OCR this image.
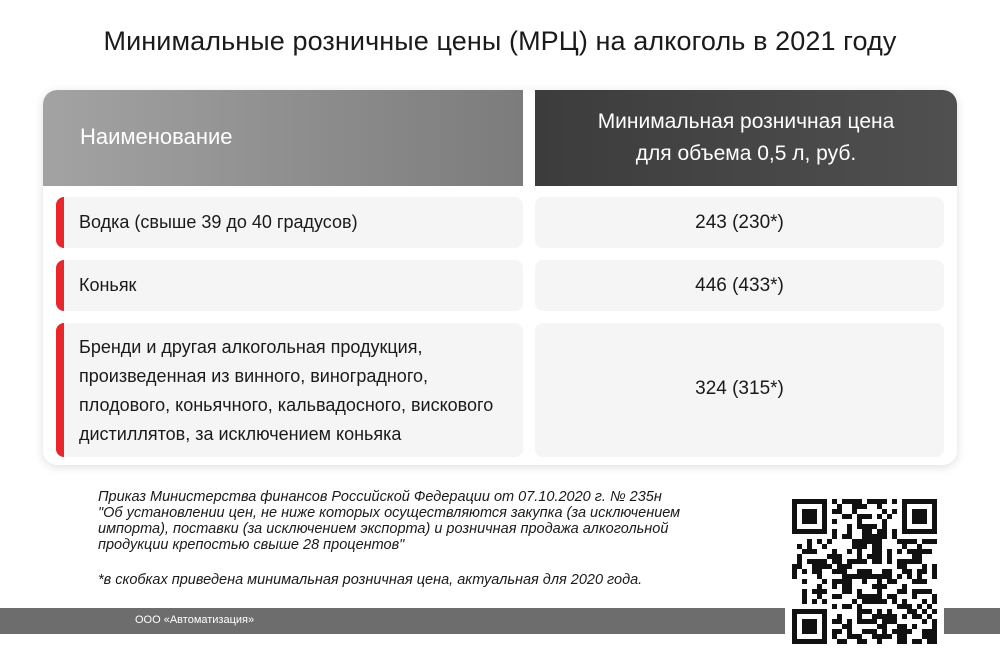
Минимальные розничные цены (МРЦ) на алкоголь в 2021 году
Наименование
Минимальная розничная цена
для объема 0,5 л, руб.
Водка (свыше 39 до 40 градусов)	243 (230*)
Коньяк	446 (433*)
Бренди и другая алкогольная продукция,
произведенная из винного, виноградного,
плодового, коньячного, кальвадосного, вискового
дистиллятов, за исключением коньяка
324 (315*)
Приказ Министерства финансов Российской Федерации от 07.10.2020 г. № 235н
"Об установлении цен, не ниже которых осуществляются закупка (за исключением
импорта), поставки (за исключением экспорта) и розничная продажа алкогольной
продукции крепостью свыше 28 процентов"
*в скобках приведена минимальная розничная цена, актуальная для 2020 года.
ООО «Автоматизация»
